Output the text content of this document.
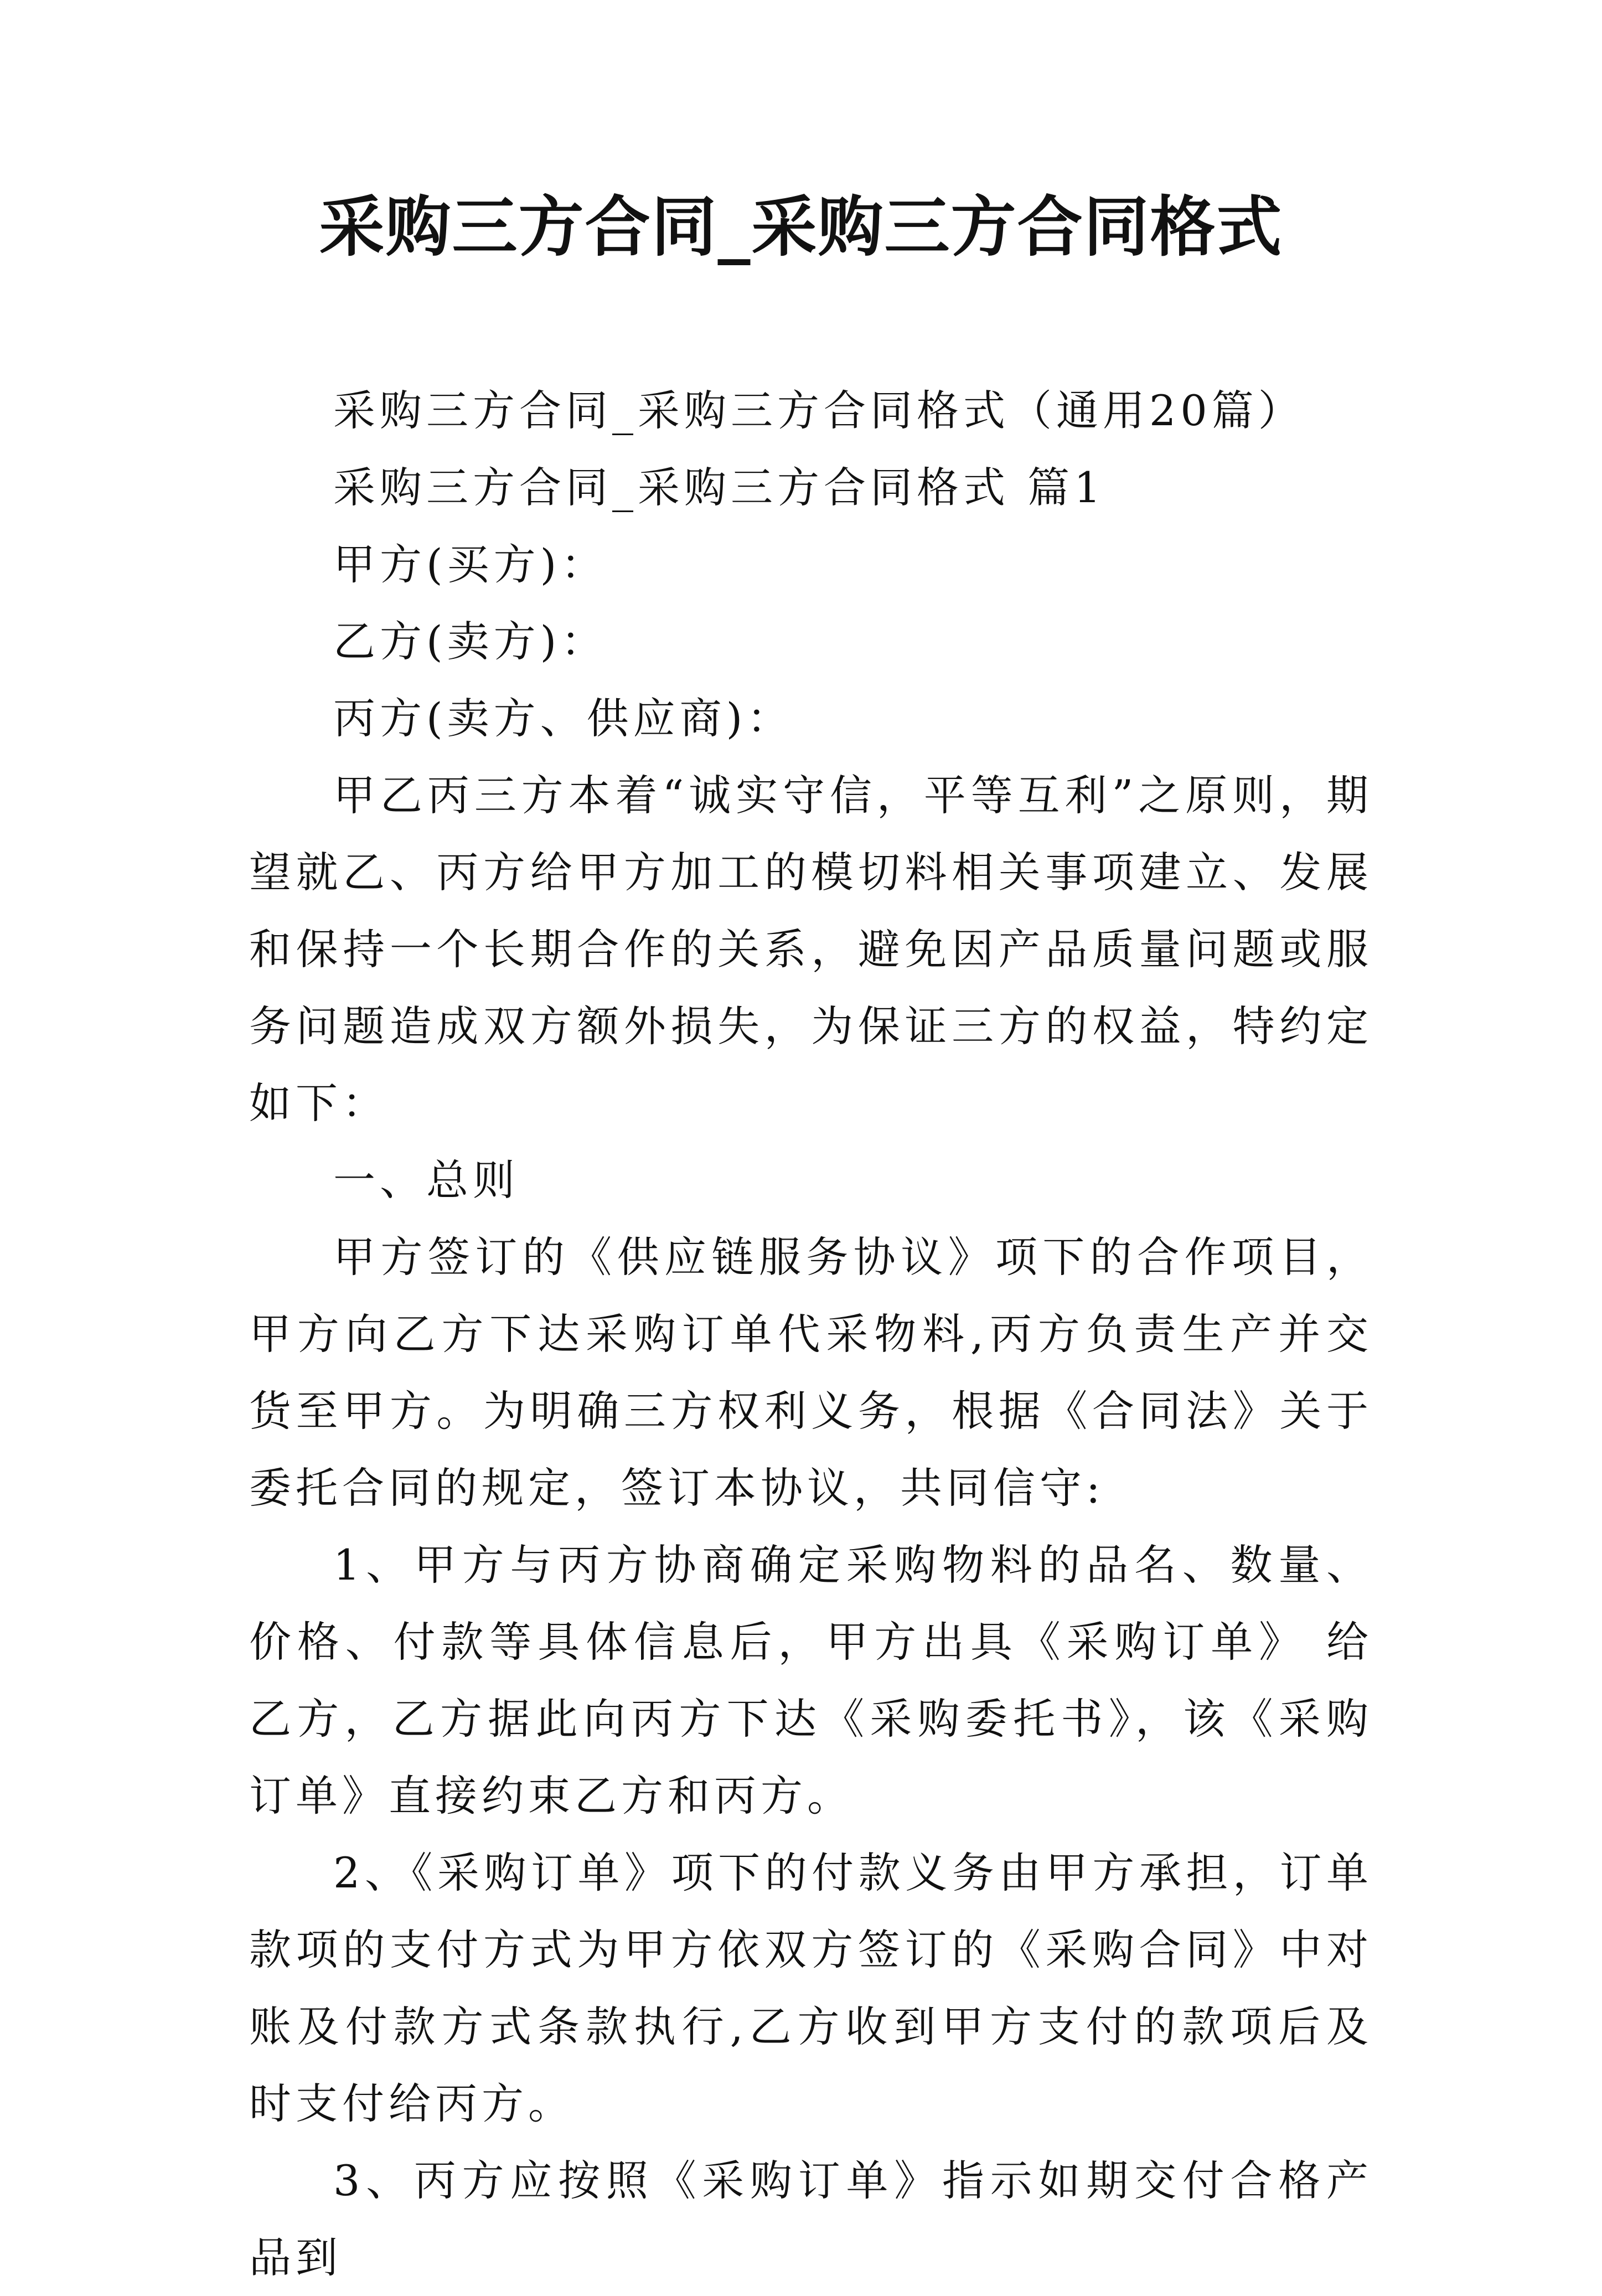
采购三方合同_采购三方合同格式

采购三方合同_采购三方合同格式（通用20篇）

采购三方合同_采购三方合同格式 篇1

甲方(买方)：

乙方(卖方)：

丙方(卖方、供应商)：

甲乙丙三方本着“诚实守信，平等互利”之原则，期望就乙、丙方给甲方加工的模切料相关事项建立、发展和保持一个长期合作的关系，避免因产品质量问题或服务问题造成双方额外损失，为保证三方的权益，特约定如下：

一、总则

甲方签订的《供应链服务协议》项下的合作项目，甲方向乙方下达采购订单代采物料,丙方负责生产并交货至甲方。为明确三方权利义务，根据《合同法》关于委托合同的规定，签订本协议，共同信守:

1、甲方与丙方协商确定采购物料的品名、数量、价格、付款等具体信息后，甲方出具《采购订单》 给乙方，乙方据此向丙方下达《采购委托书》，该《采购订单》直接约束乙方和丙方。

2、《采购订单》项下的付款义务由甲方承担，订单款项的支付方式为甲方依双方签订的《采购合同》中对账及付款方式条款执行,乙方收到甲方支付的款项后及时支付给丙方。

3、丙方应按照《采购订单》指示如期交付合格产品到
